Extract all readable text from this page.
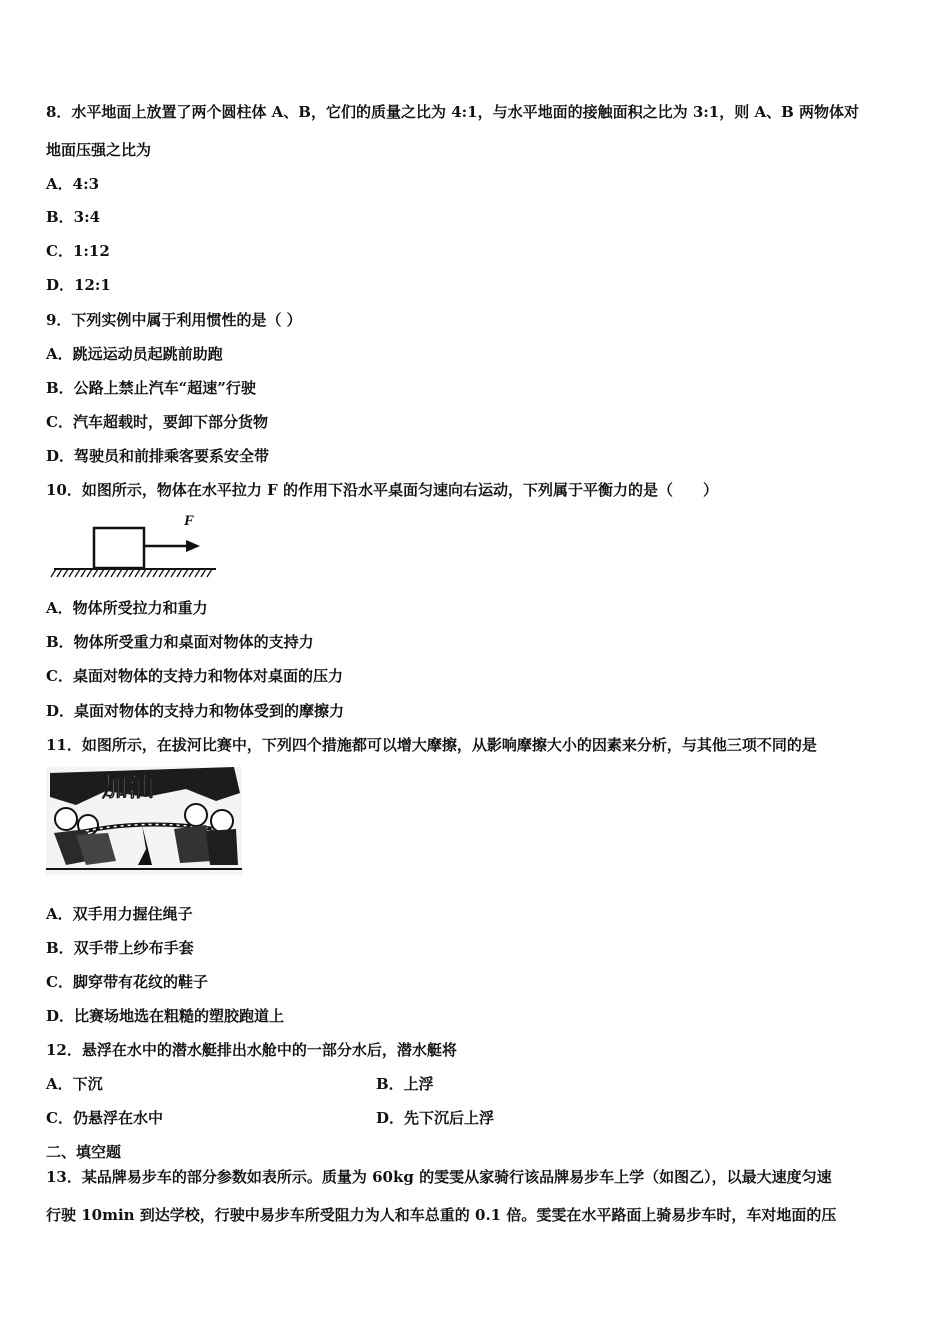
8．水平地面上放置了两个圆柱体 A、B，它们的质量之比为 4:1，与水平地面的接触面积之比为 3:1，则 A、B 两物体对
地面压强之比为
A．4:3
B．3:4
C．1:12
D．12:1
9．下列实例中属于利用惯性的是（ ）
A．跳远运动员起跳前助跑
B．公路上禁止汽车“超速”行驶
C．汽车超载时，要卸下部分货物
D．驾驶员和前排乘客要系安全带
10．如图所示，物体在水平拉力 F 的作用下沿水平桌面匀速向右运动，下列属于平衡力的是（　　）
F
A．物体所受拉力和重力
B．物体所受重力和桌面对物体的支持力
C．桌面对物体的支持力和物体对桌面的压力
D．桌面对物体的支持力和物体受到的摩擦力
11．如图所示，在拔河比赛中，下列四个措施都可以增大摩擦，从影响摩擦大小的因素来分析，与其他三项不同的是
加油
A．双手用力握住绳子
B．双手带上纱布手套
C．脚穿带有花纹的鞋子
D．比赛场地选在粗糙的塑胶跑道上
12．悬浮在水中的潜水艇排出水舱中的一部分水后，潜水艇将
A．下沉	B．上浮
C．仍悬浮在水中	D．先下沉后上浮
二、填空题
13．某品牌易步车的部分参数如表所示。质量为 60kg 的雯雯从家骑行该品牌易步车上学（如图乙），以最大速度匀速
行驶 10min 到达学校，行驶中易步车所受阻力为人和车总重的 0.1 倍。雯雯在水平路面上骑易步车时，车对地面的压
